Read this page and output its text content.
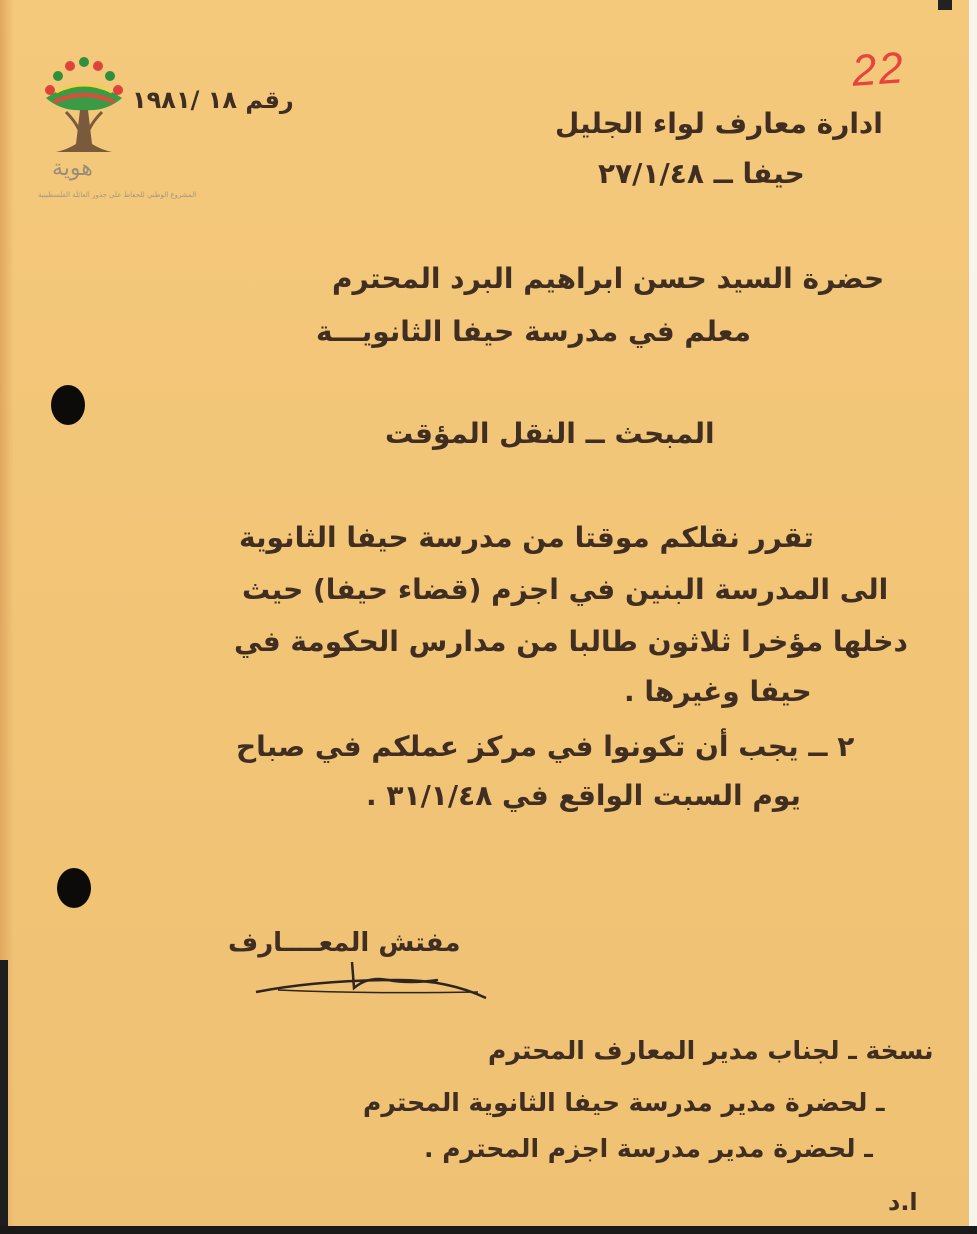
22
هوية
المشروع الوطني للحفاظ على جذور العائلة الفلسطينية
رقم ١٨ /١٩٨١
ادارة معارف لواء الجليل
حيفا ــ ٢٧/١/٤٨
حضرة السيد حسن ابراهيم البرد المحترم
معلم في مدرسة حيفا الثانويـــة
المبحث ــ النقل المؤقت
تقرر نقلكم موقتا من مدرسة حيفا الثانوية
الى المدرسة البنين في اجزم (قضاء حيفا) حيث
دخلها مؤخرا ثلاثون طالبا من مدارس الحكومة في
حيفا وغيرها .
٢ ــ يجب أن تكونوا في مركز عملكم في صباح
يوم السبت الواقع في ٣١/١/٤٨ .
مفتش المعــــارف
نسخة ـ لجناب مدير المعارف المحترم
ـ لحضرة مدير مدرسة حيفا الثانوية المحترم
ـ لحضرة مدير مدرسة اجزم المحترم .
ا.د
